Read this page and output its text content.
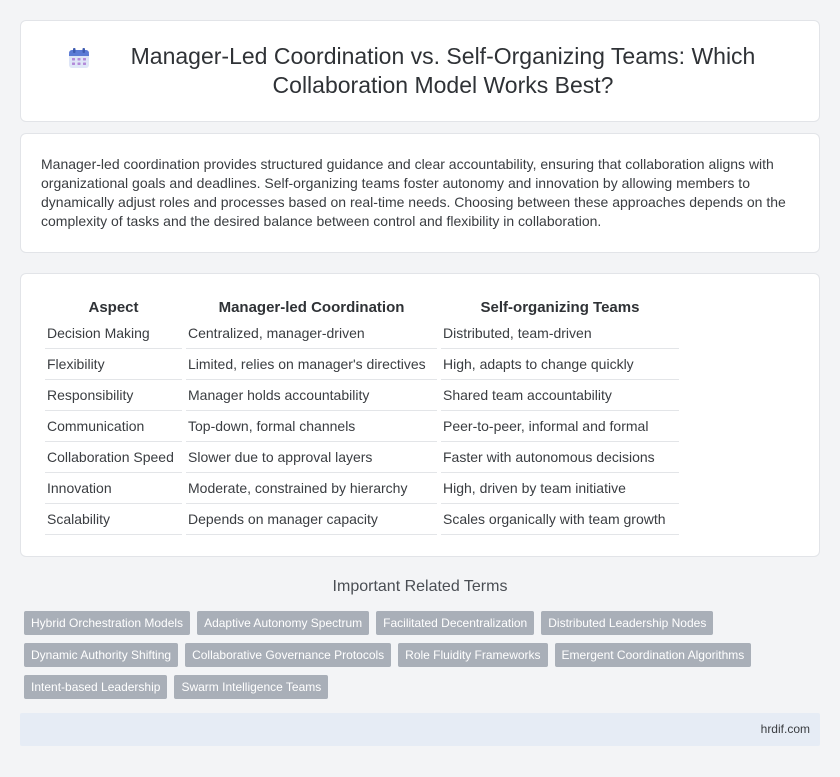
Manager-Led Coordination vs. Self-Organizing Teams: Which Collaboration Model Works Best?

Manager-led coordination provides structured guidance and clear accountability, ensuring that collaboration aligns with organizational goals and deadlines. Self-organizing teams foster autonomy and innovation by allowing members to dynamically adjust roles and processes based on real-time needs. Choosing between these approaches depends on the complexity of tasks and the desired balance between control and flexibility in collaboration.

Aspect	Manager-led Coordination	Self-organizing Teams
Decision Making	Centralized, manager-driven	Distributed, team-driven
Flexibility	Limited, relies on manager's directives	High, adapts to change quickly
Responsibility	Manager holds accountability	Shared team accountability
Communication	Top-down, formal channels	Peer-to-peer, informal and formal
Collaboration Speed	Slower due to approval layers	Faster with autonomous decisions
Innovation	Moderate, constrained by hierarchy	High, driven by team initiative
Scalability	Depends on manager capacity	Scales organically with team growth
Important Related Terms
Hybrid Orchestration Models	Adaptive Autonomy Spectrum	Facilitated Decentralization	Distributed Leadership Nodes
Dynamic Authority Shifting	Collaborative Governance Protocols	Role Fluidity Frameworks	Emergent Coordination Algorithms
Intent-based Leadership	Swarm Intelligence Teams
hrdif.com
